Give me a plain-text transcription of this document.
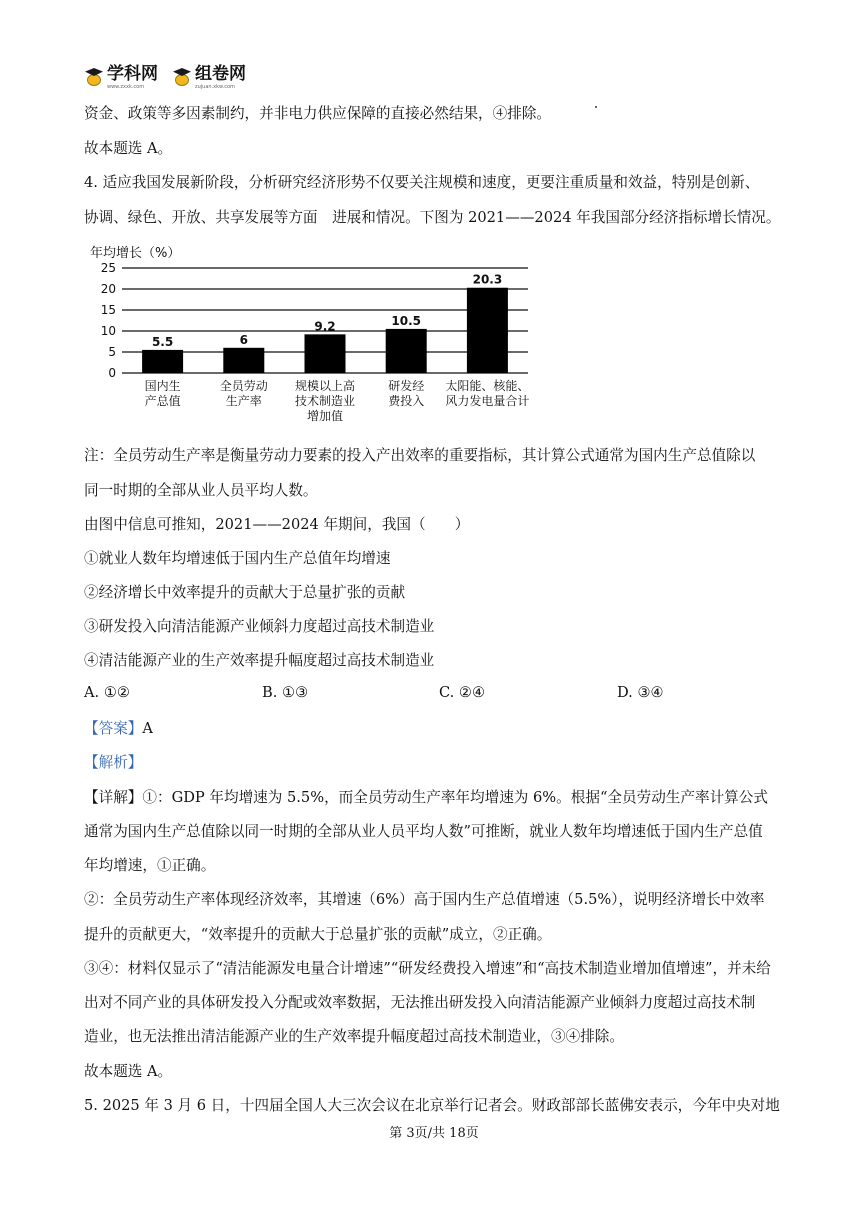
学科网
www.zxxk.com
组卷网
zujuan.xkw.com
资金、政策等多因素制约，并非电力供应保障的直接必然结果，④排除。
故本题选 A。
4. 适应我国发展新阶段，分析研究经济形势不仅要关注规模和速度，更要注重质量和效益，特别是创新、
协调、绿色、开放、共享发展等方面　进展和情况。下图为 2021——2024 年我国部分经济指标增长情况。
年均增长（%）
0
5
10
15
20
25
5.5
国内生
产总值
6
全员劳动
生产率
9.2
规模以上高
技术制造业
增加值
10.5
研发经
费投入
20.3
太阳能、核能、
风力发电量合计
注：全员劳动生产率是衡量劳动力要素的投入产出效率的重要指标，其计算公式通常为国内生产总值除以
同一时期的全部从业人员平均人数。
由图中信息可推知，2021——2024 年期间，我国（　　）
①就业人数年均增速低于国内生产总值年均增速
②经济增长中效率提升的贡献大于总量扩张的贡献
③研发投入向清洁能源产业倾斜力度超过高技术制造业
④清洁能源产业的生产效率提升幅度超过高技术制造业
A. ①②	B. ①③	C. ②④	D. ③④
【答案】A
【解析】
【详解】①：GDP 年均增速为 5.5%，而全员劳动生产率年均增速为 6%。根据“全员劳动生产率计算公式
通常为国内生产总值除以同一时期的全部从业人员平均人数”可推断，就业人数年均增速低于国内生产总值
年均增速，①正确。
②：全员劳动生产率体现经济效率，其增速（6%）高于国内生产总值增速（5.5%），说明经济增长中效率
提升的贡献更大，“效率提升的贡献大于总量扩张的贡献”成立，②正确。
③④：材料仅显示了“清洁能源发电量合计增速”“研发经费投入增速”和“高技术制造业增加值增速”，并未给
出对不同产业的具体研发投入分配或效率数据，无法推出研发投入向清洁能源产业倾斜力度超过高技术制
造业，也无法推出清洁能源产业的生产效率提升幅度超过高技术制造业，③④排除。
故本题选 A。
5. 2025 年 3 月 6 日，十四届全国人大三次会议在北京举行记者会。财政部部长蓝佛安表示，今年中央对地
第 3页/共 18页
